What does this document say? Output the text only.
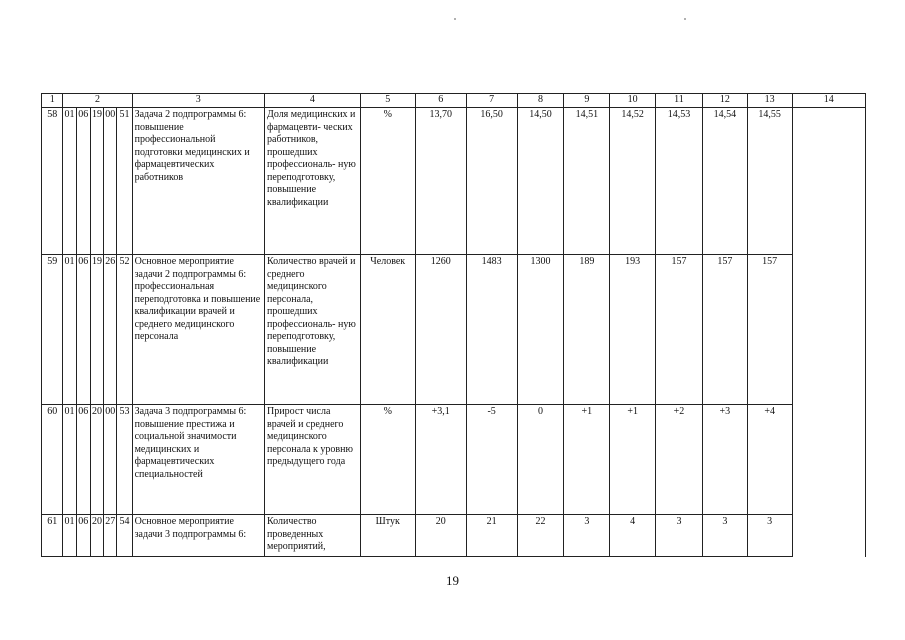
1	2					3	4	5	6	7	8	9	10	11	12	13	14
58	01	06	19	00	51	Задача 2 подпрограммы 6: повышение профессиональной подготовки медицинских и фармацевтических работников	Доля медицинских и фармацевти- ческих работников, прошедших профессиональ- ную переподготовку, повышение квалификации	%	13,70	16,50	14,50	14,51	14,52	14,53	14,54	14,55	
59	01	06	19	26	52	Основное мероприятие задачи 2 подпрограммы 6: профессиональная переподготовка и повышение квалификации врачей и среднего медицинского персонала	Количество врачей и среднего медицинского персонала, прошедших профессиональ- ную переподготовку, повышение квалификации	Человек	1260	1483	1300	189	193	157	157	157	
60	01	06	20	00	53	Задача 3 подпрограммы 6: повышение престижа и социальной значимости медицинских и фармацевтических специальностей	Прирост числа врачей и среднего медицинского персонала к уровню предыдущего года	%	+3,1	-5	0	+1	+1	+2	+3	+4	
61	01	06	20	27	54	Основное мероприятие задачи 3 подпрограммы 6:	Количество проведенных мероприятий,	Штук	20	21	22	3	4	3	3	3	
19
